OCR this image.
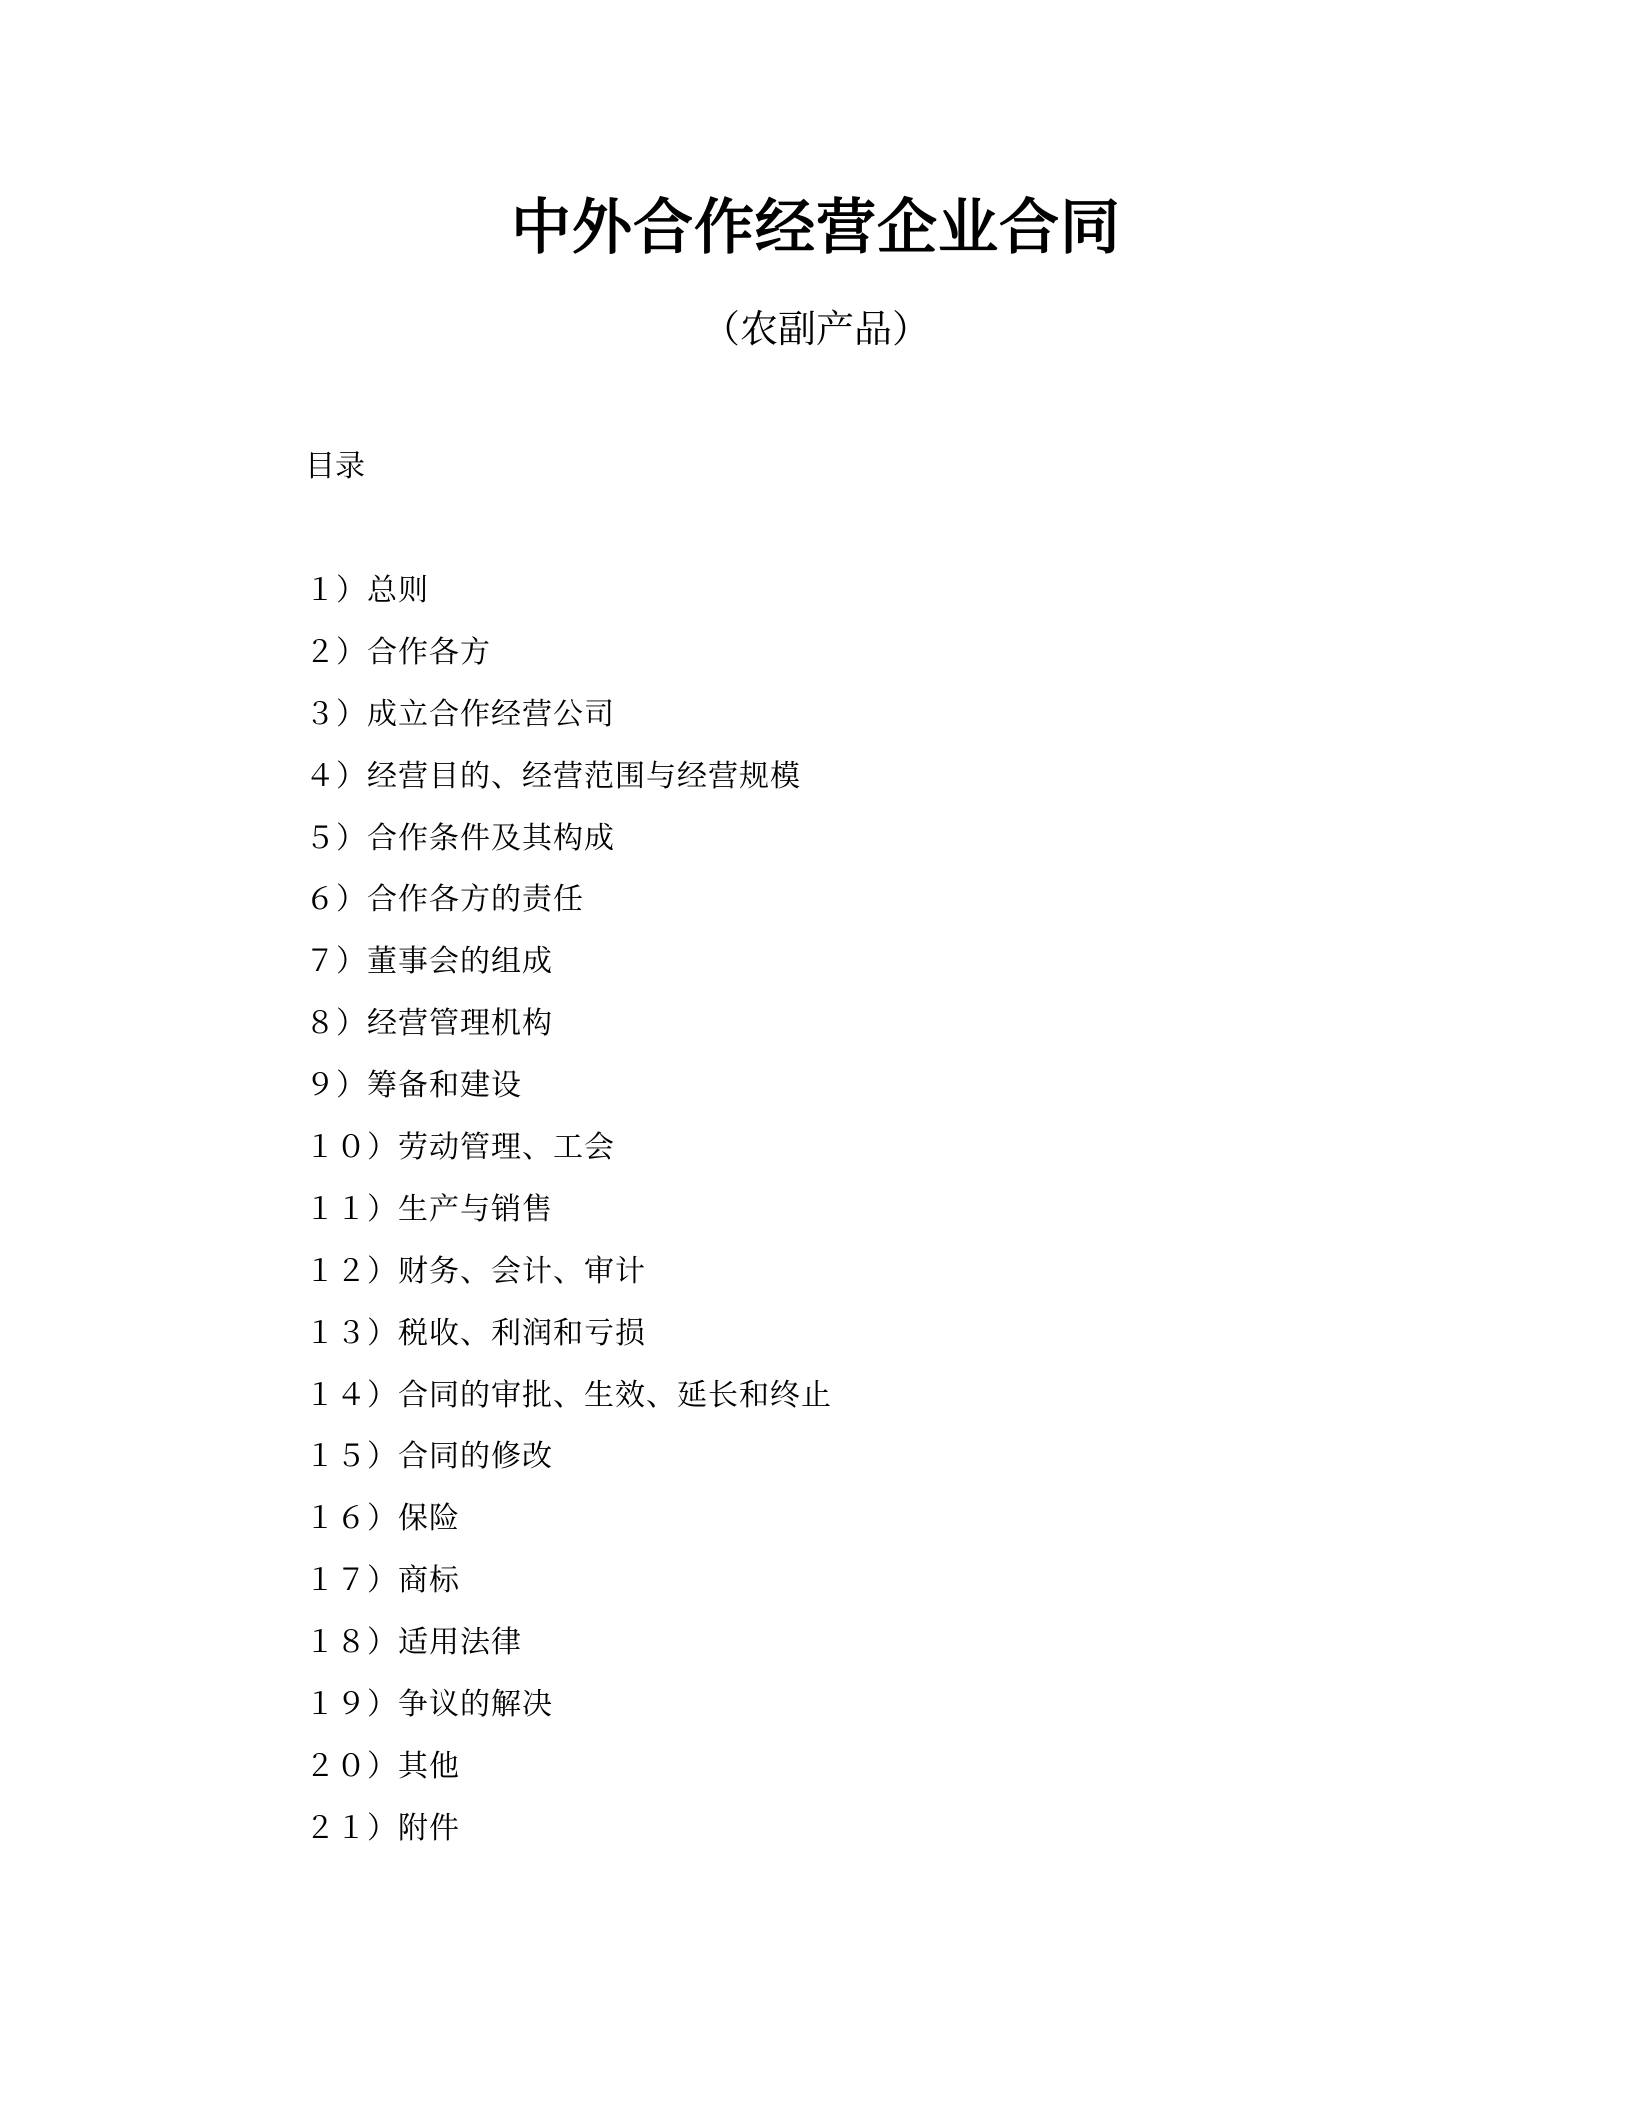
中外合作经营企业合同
（农副产品）
目录
１）总则
２）合作各方
３）成立合作经营公司
４）经营目的、经营范围与经营规模
５）合作条件及其构成
６）合作各方的责任
７）董事会的组成
８）经营管理机构
９）筹备和建设
１０）劳动管理、工会
１１）生产与销售
１２）财务、会计、审计
１３）税收、利润和亏损
１４）合同的审批、生效、延长和终止
１５）合同的修改
１６）保险
１７）商标
１８）适用法律
１９）争议的解决
２０）其他
２１）附件
